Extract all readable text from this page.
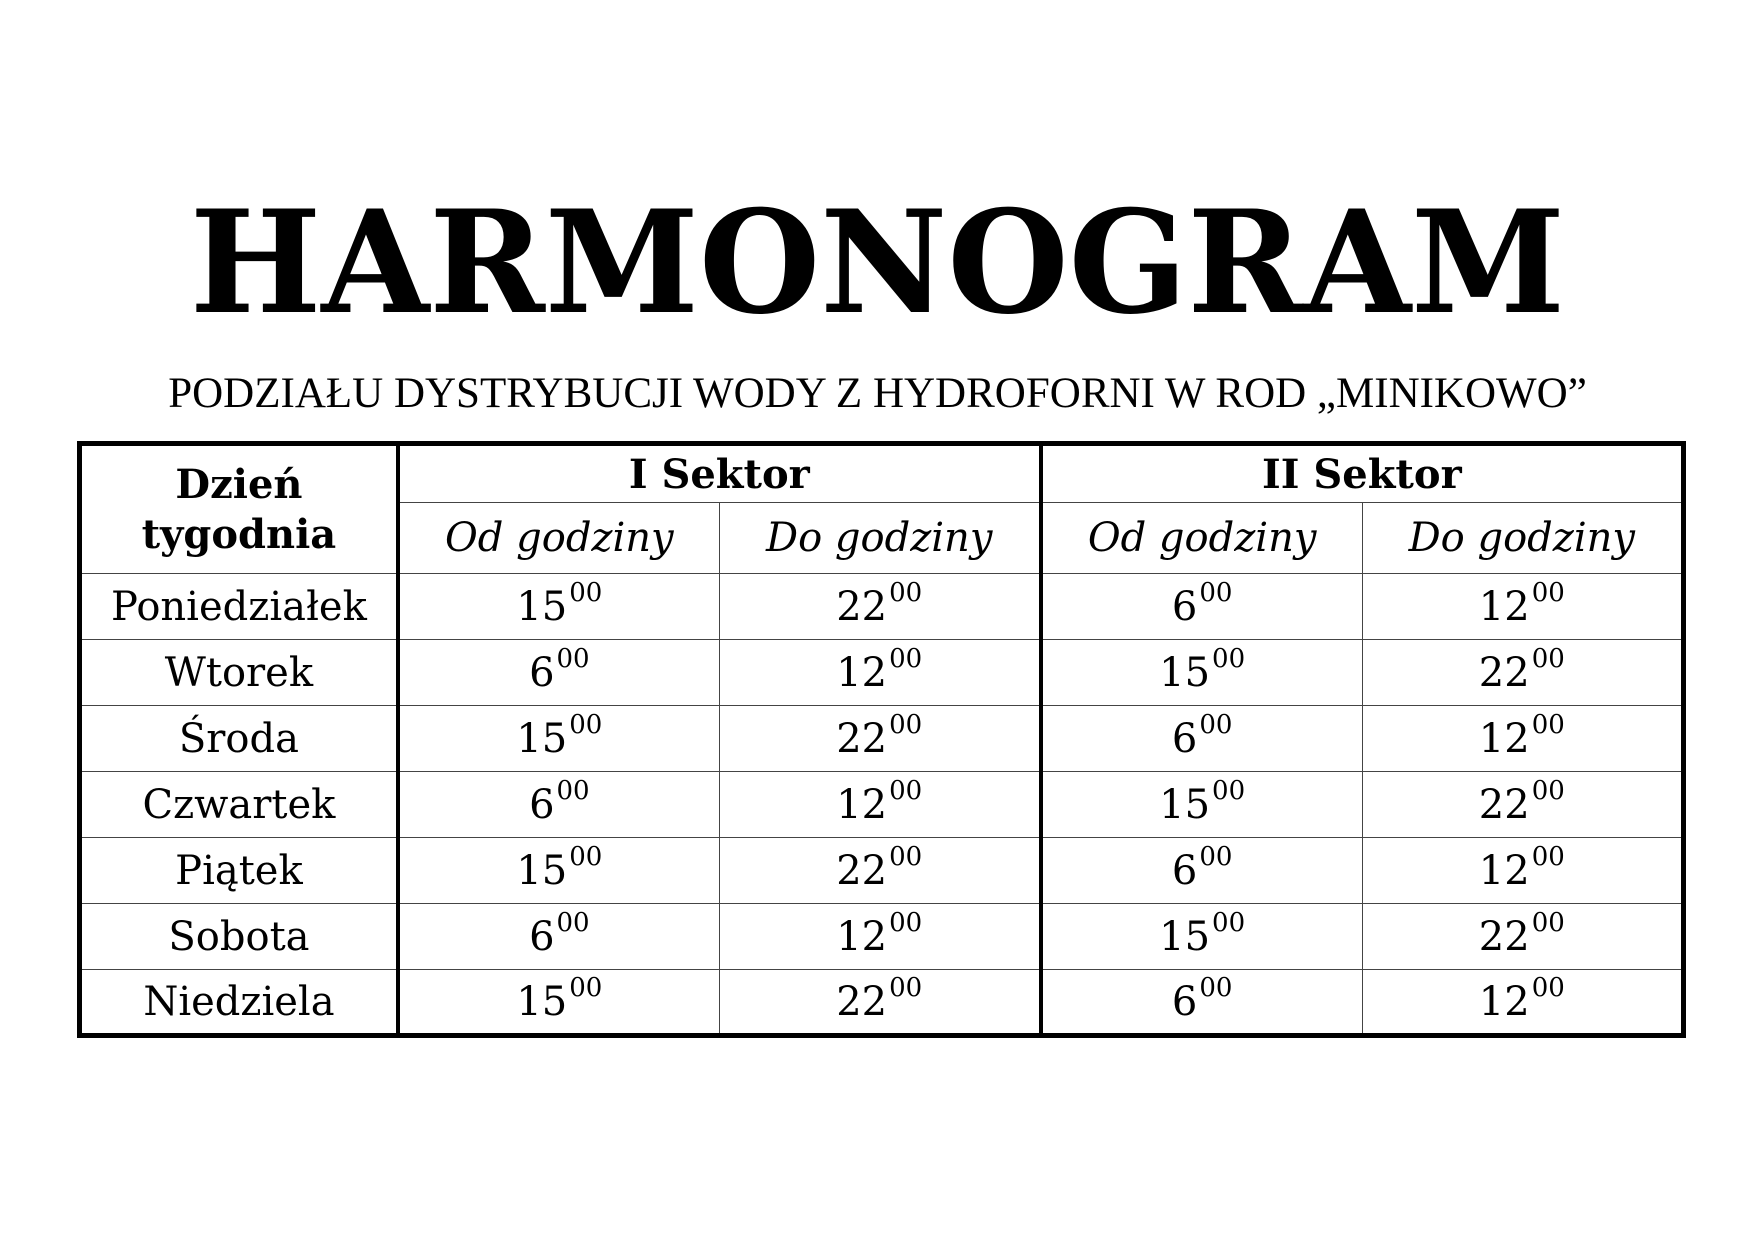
HARMONOGRAM
PODZIAŁU DYSTRYBUCJI WODY Z HYDROFORNI W ROD „MINIKOWO”
Dzień
tygodnia	I Sektor		II Sektor	
	Od godziny	Do godziny	Od godziny	Do godziny
Poniedziałek	$15^{00}$	$22^{00}$	$6^{00}$	$12^{00}$
Wtorek	$6^{00}$	$12^{00}$	$15^{00}$	$22^{00}$
Środa	$15^{00}$	$22^{00}$	$6^{00}$	$12^{00}$
Czwartek	$6^{00}$	$12^{00}$	$15^{00}$	$22^{00}$
Piątek	$15^{00}$	$22^{00}$	$6^{00}$	$12^{00}$
Sobota	$6^{00}$	$12^{00}$	$15^{00}$	$22^{00}$
Niedziela	$15^{00}$	$22^{00}$	$6^{00}$	$12^{00}$
